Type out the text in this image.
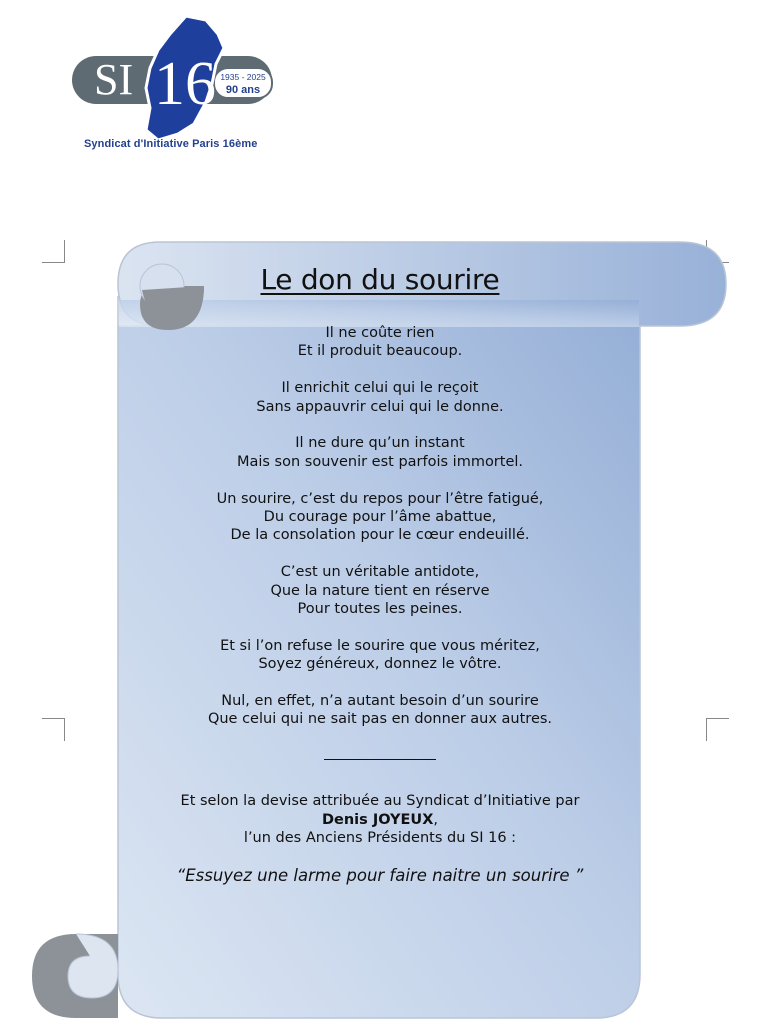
SI 16 1935 - 2025
90 ans
Syndicat d'Initiative Paris 16ème
Le don du sourire
Il ne coûte rien
Et il produit beaucoup.
Il enrichit celui qui le reçoit
Sans appauvrir celui qui le donne.
Il ne dure qu’un instant
Mais son souvenir est parfois immortel.
Un sourire, c’est du repos pour l’être fatigué,
Du courage pour l’âme abattue,
De la consolation pour le cœur endeuillé.
C’est un véritable antidote,
Que la nature tient en réserve
Pour toutes les peines.
Et si l’on refuse le sourire que vous méritez,
Soyez généreux, donnez le vôtre.
Nul, en effet, n’a autant besoin d’un sourire
Que celui qui ne sait pas en donner aux autres.
Et selon la devise attribuée au Syndicat d’Initiative par
Denis JOYEUX,
l’un des Anciens Présidents du SI 16 :
“Essuyez une larme pour faire naitre un sourire ”
